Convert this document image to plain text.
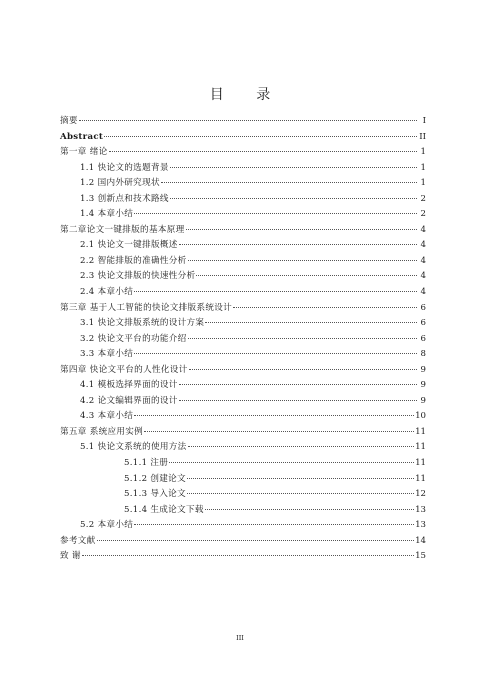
目 录
摘要	I
Abstract	II
第一章 绪论	1
1.1 快论文的选题背景	1
1.2 国内外研究现状	1
1.3 创新点和技术路线	2
1.4 本章小结	2
第二章论文一键排版的基本原理	4
2.1 快论文一键排版概述	4
2.2 智能排版的准确性分析	4
2.3 快论文排版的快速性分析	4
2.4 本章小结	4
第三章 基于人工智能的快论文排版系统设计	6
3.1 快论文排版系统的设计方案	6
3.2 快论文平台的功能介绍	6
3.3 本章小结	8
第四章 快论文平台的人性化设计	9
4.1 模板选择界面的设计	9
4.2 论文编辑界面的设计	9
4.3 本章小结	10
第五章 系统应用实例	11
5.1 快论文系统的使用方法	11
5.1.1 注册	11
5.1.2 创建论文	11
5.1.3 导入论文	12
5.1.4 生成论文下载	13
5.2 本章小结	13
参考文献	14
致 谢	15
III
